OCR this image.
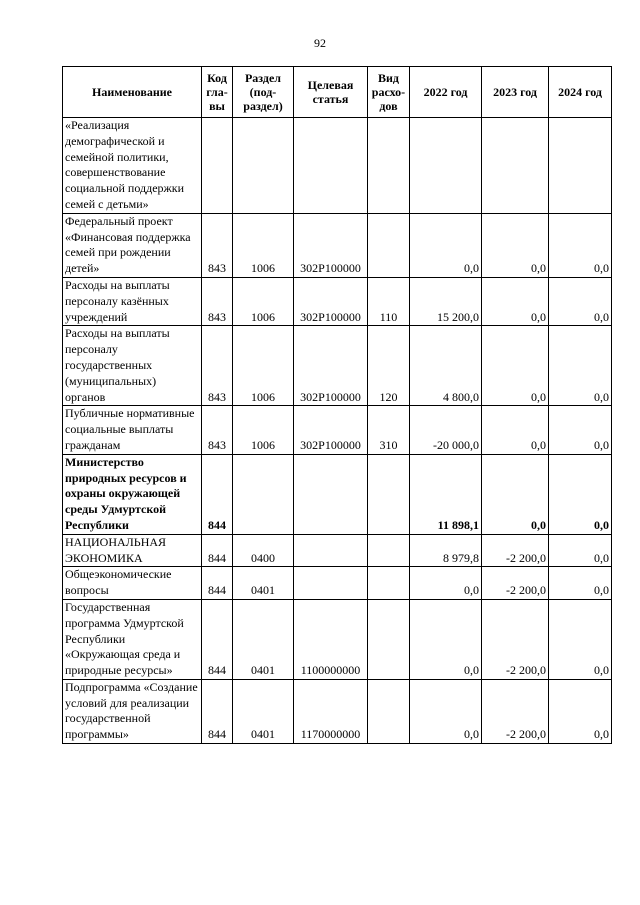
92
Наименование	Код гла-вы	Раздел (под-раздел)	Целевая статья	Вид расхо-дов	2022 год	2023 год	2024 год
«Реализация демографической и семейной политики, совершенствование социальной поддержки семей с детьми»							
Федеральный проект «Финансовая поддержка семей при рождении детей»	843	1006	302P100000		0,0	0,0	0,0
Расходы на выплаты персоналу казённых учреждений	843	1006	302P100000	110	15 200,0	0,0	0,0
Расходы на выплаты персоналу государственных (муниципальных) органов	843	1006	302P100000	120	4 800,0	0,0	0,0
Публичные нормативные социальные выплаты гражданам	843	1006	302P100000	310	-20 000,0	0,0	0,0
Министерство природных ресурсов и охраны окружающей среды Удмуртской Республики	844				11 898,1	0,0	0,0
НАЦИОНАЛЬНАЯ ЭКОНОМИКА	844	0400			8 979,8	-2 200,0	0,0
Общеэкономические вопросы	844	0401			0,0	-2 200,0	0,0
Государственная программа Удмуртской Республики «Окружающая среда и природные ресурсы»	844	0401	1100000000		0,0	-2 200,0	0,0
Подпрограмма «Создание условий для реализации государственной программы»	844	0401	1170000000		0,0	-2 200,0	0,0
